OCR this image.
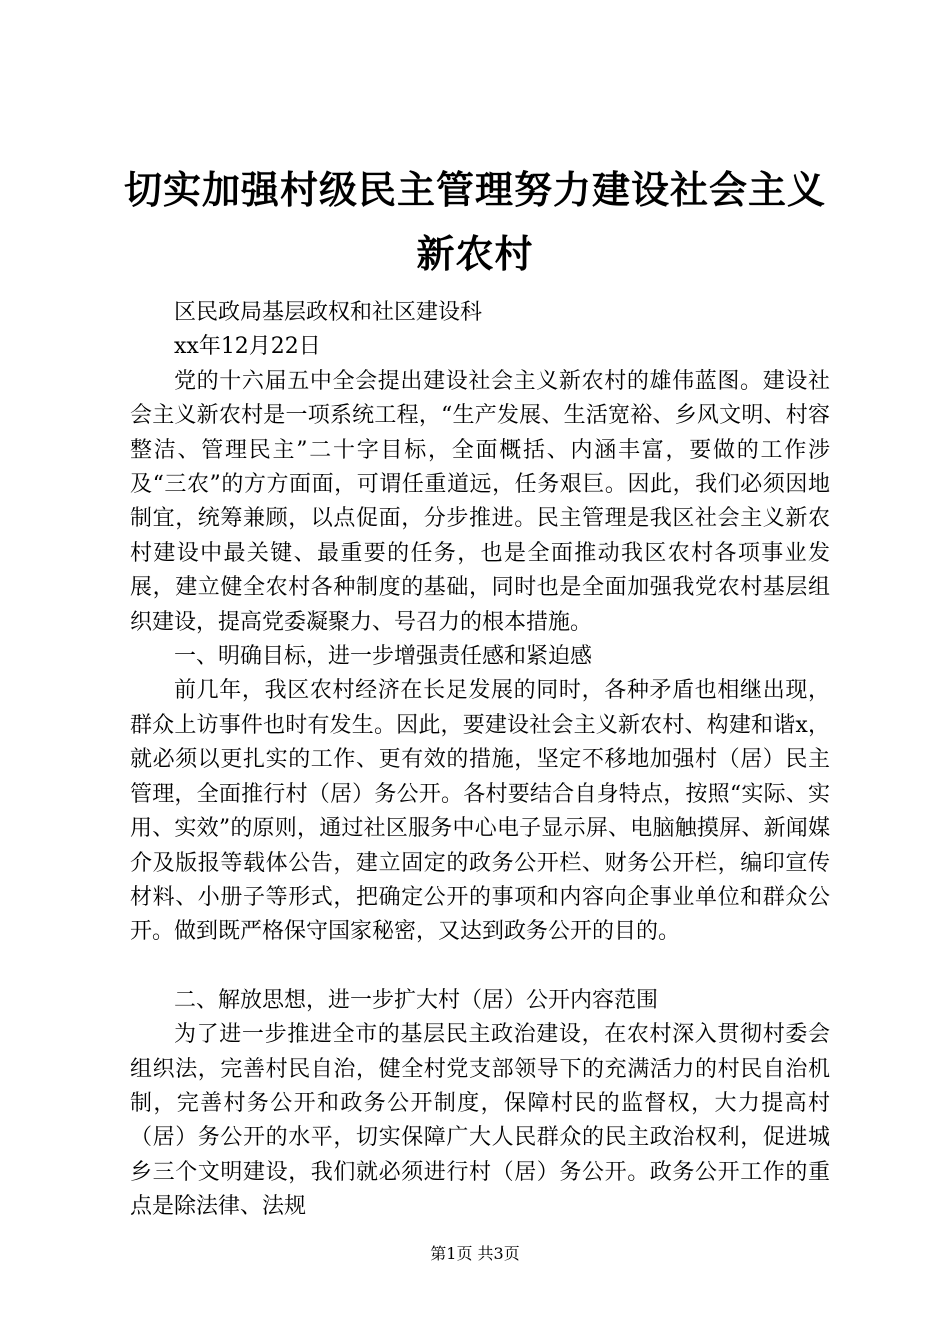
切实加强村级民主管理努力建设社会主义新农村

区民政局基层政权和社区建设科

xx年12月22日

党的十六届五中全会提出建设社会主义新农村的雄伟蓝图。建设社会主义新农村是一项系统工程，“生产发展、生活宽裕、乡风文明、村容整洁、管理民主”二十字目标，全面概括、内涵丰富，要做的工作涉及“三农”的方方面面，可谓任重道远，任务艰巨。因此，我们必须因地制宜，统筹兼顾，以点促面，分步推进。民主管理是我区社会主义新农村建设中最关键、最重要的任务，也是全面推动我区农村各项事业发展，建立健全农村各种制度的基础，同时也是全面加强我党农村基层组织建设，提高党委凝聚力、号召力的根本措施。

一、明确目标，进一步增强责任感和紧迫感

前几年，我区农村经济在长足发展的同时，各种矛盾也相继出现，群众上访事件也时有发生。因此，要建设社会主义新农村、构建和谐x，就必须以更扎实的工作、更有效的措施，坚定不移地加强村（居）民主管理，全面推行村（居）务公开。各村要结合自身特点，按照“实际、实用、实效”的原则，通过社区服务中心电子显示屏、电脑触摸屏、新闻媒介及版报等载体公告，建立固定的政务公开栏、财务公开栏，编印宣传材料、小册子等形式，把确定公开的事项和内容向企事业单位和群众公开。做到既严格保守国家秘密，又达到政务公开的目的。

二、解放思想，进一步扩大村（居）公开内容范围

为了进一步推进全市的基层民主政治建设，在农村深入贯彻村委会组织法，完善村民自治，健全村党支部领导下的充满活力的村民自治机制，完善村务公开和政务公开制度，保障村民的监督权，大力提高村（居）务公开的水平，切实保障广大人民群众的民主政治权利，促进城乡三个文明建设，我们就必须进行村（居）务公开。政务公开工作的重点是除法律、法规

第1页 共3页
